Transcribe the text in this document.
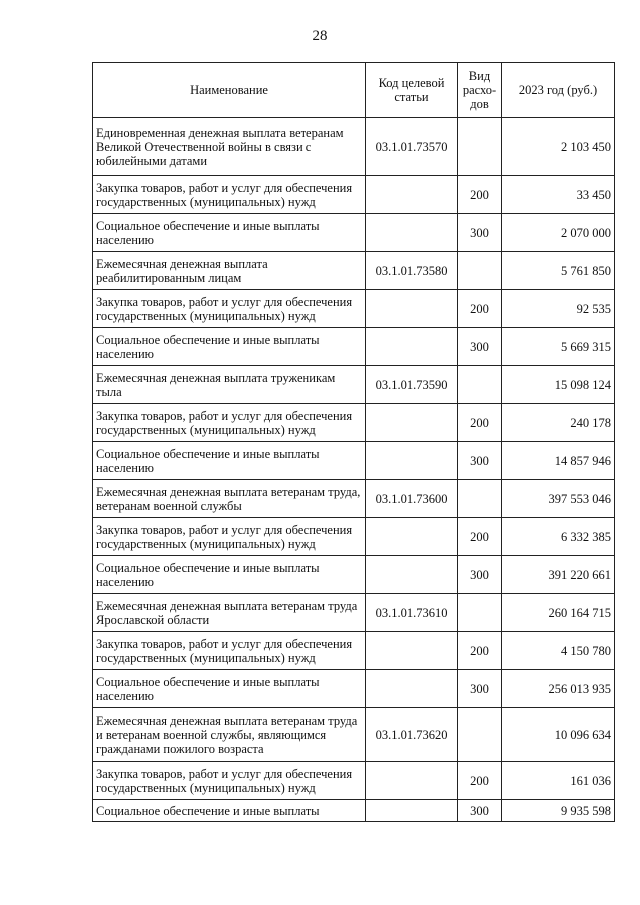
28
Наименование	Код целевой статьи	Вид расхо-дов	2023 год (руб.)
Единовременная денежная выплата ветеранам Великой Отечественной войны в связи с юбилейными датами	03.1.01.73570		2 103 450
Закупка товаров, работ и услуг для обеспечения государственных (муниципальных) нужд		200	33 450
Социальное обеспечение и иные выплаты населению		300	2 070 000
Ежемесячная денежная выплата реабилитированным лицам	03.1.01.73580		5 761 850
Закупка товаров, работ и услуг для обеспечения государственных (муниципальных) нужд		200	92 535
Социальное обеспечение и иные выплаты населению		300	5 669 315
Ежемесячная денежная выплата труженикам тыла	03.1.01.73590		15 098 124
Закупка товаров, работ и услуг для обеспечения государственных (муниципальных) нужд		200	240 178
Социальное обеспечение и иные выплаты населению		300	14 857 946
Ежемесячная денежная выплата ветеранам труда, ветеранам военной службы	03.1.01.73600		397 553 046
Закупка товаров, работ и услуг для обеспечения государственных (муниципальных) нужд		200	6 332 385
Социальное обеспечение и иные выплаты населению		300	391 220 661
Ежемесячная денежная выплата ветеранам труда Ярославской области	03.1.01.73610		260 164 715
Закупка товаров, работ и услуг для обеспечения государственных (муниципальных) нужд		200	4 150 780
Социальное обеспечение и иные выплаты населению		300	256 013 935
Ежемесячная денежная выплата ветеранам труда и ветеранам военной службы, являющимся гражданами пожилого возраста	03.1.01.73620		10 096 634
Закупка товаров, работ и услуг для обеспечения государственных (муниципальных) нужд		200	161 036
Социальное обеспечение и иные выплаты		300	9 935 598
